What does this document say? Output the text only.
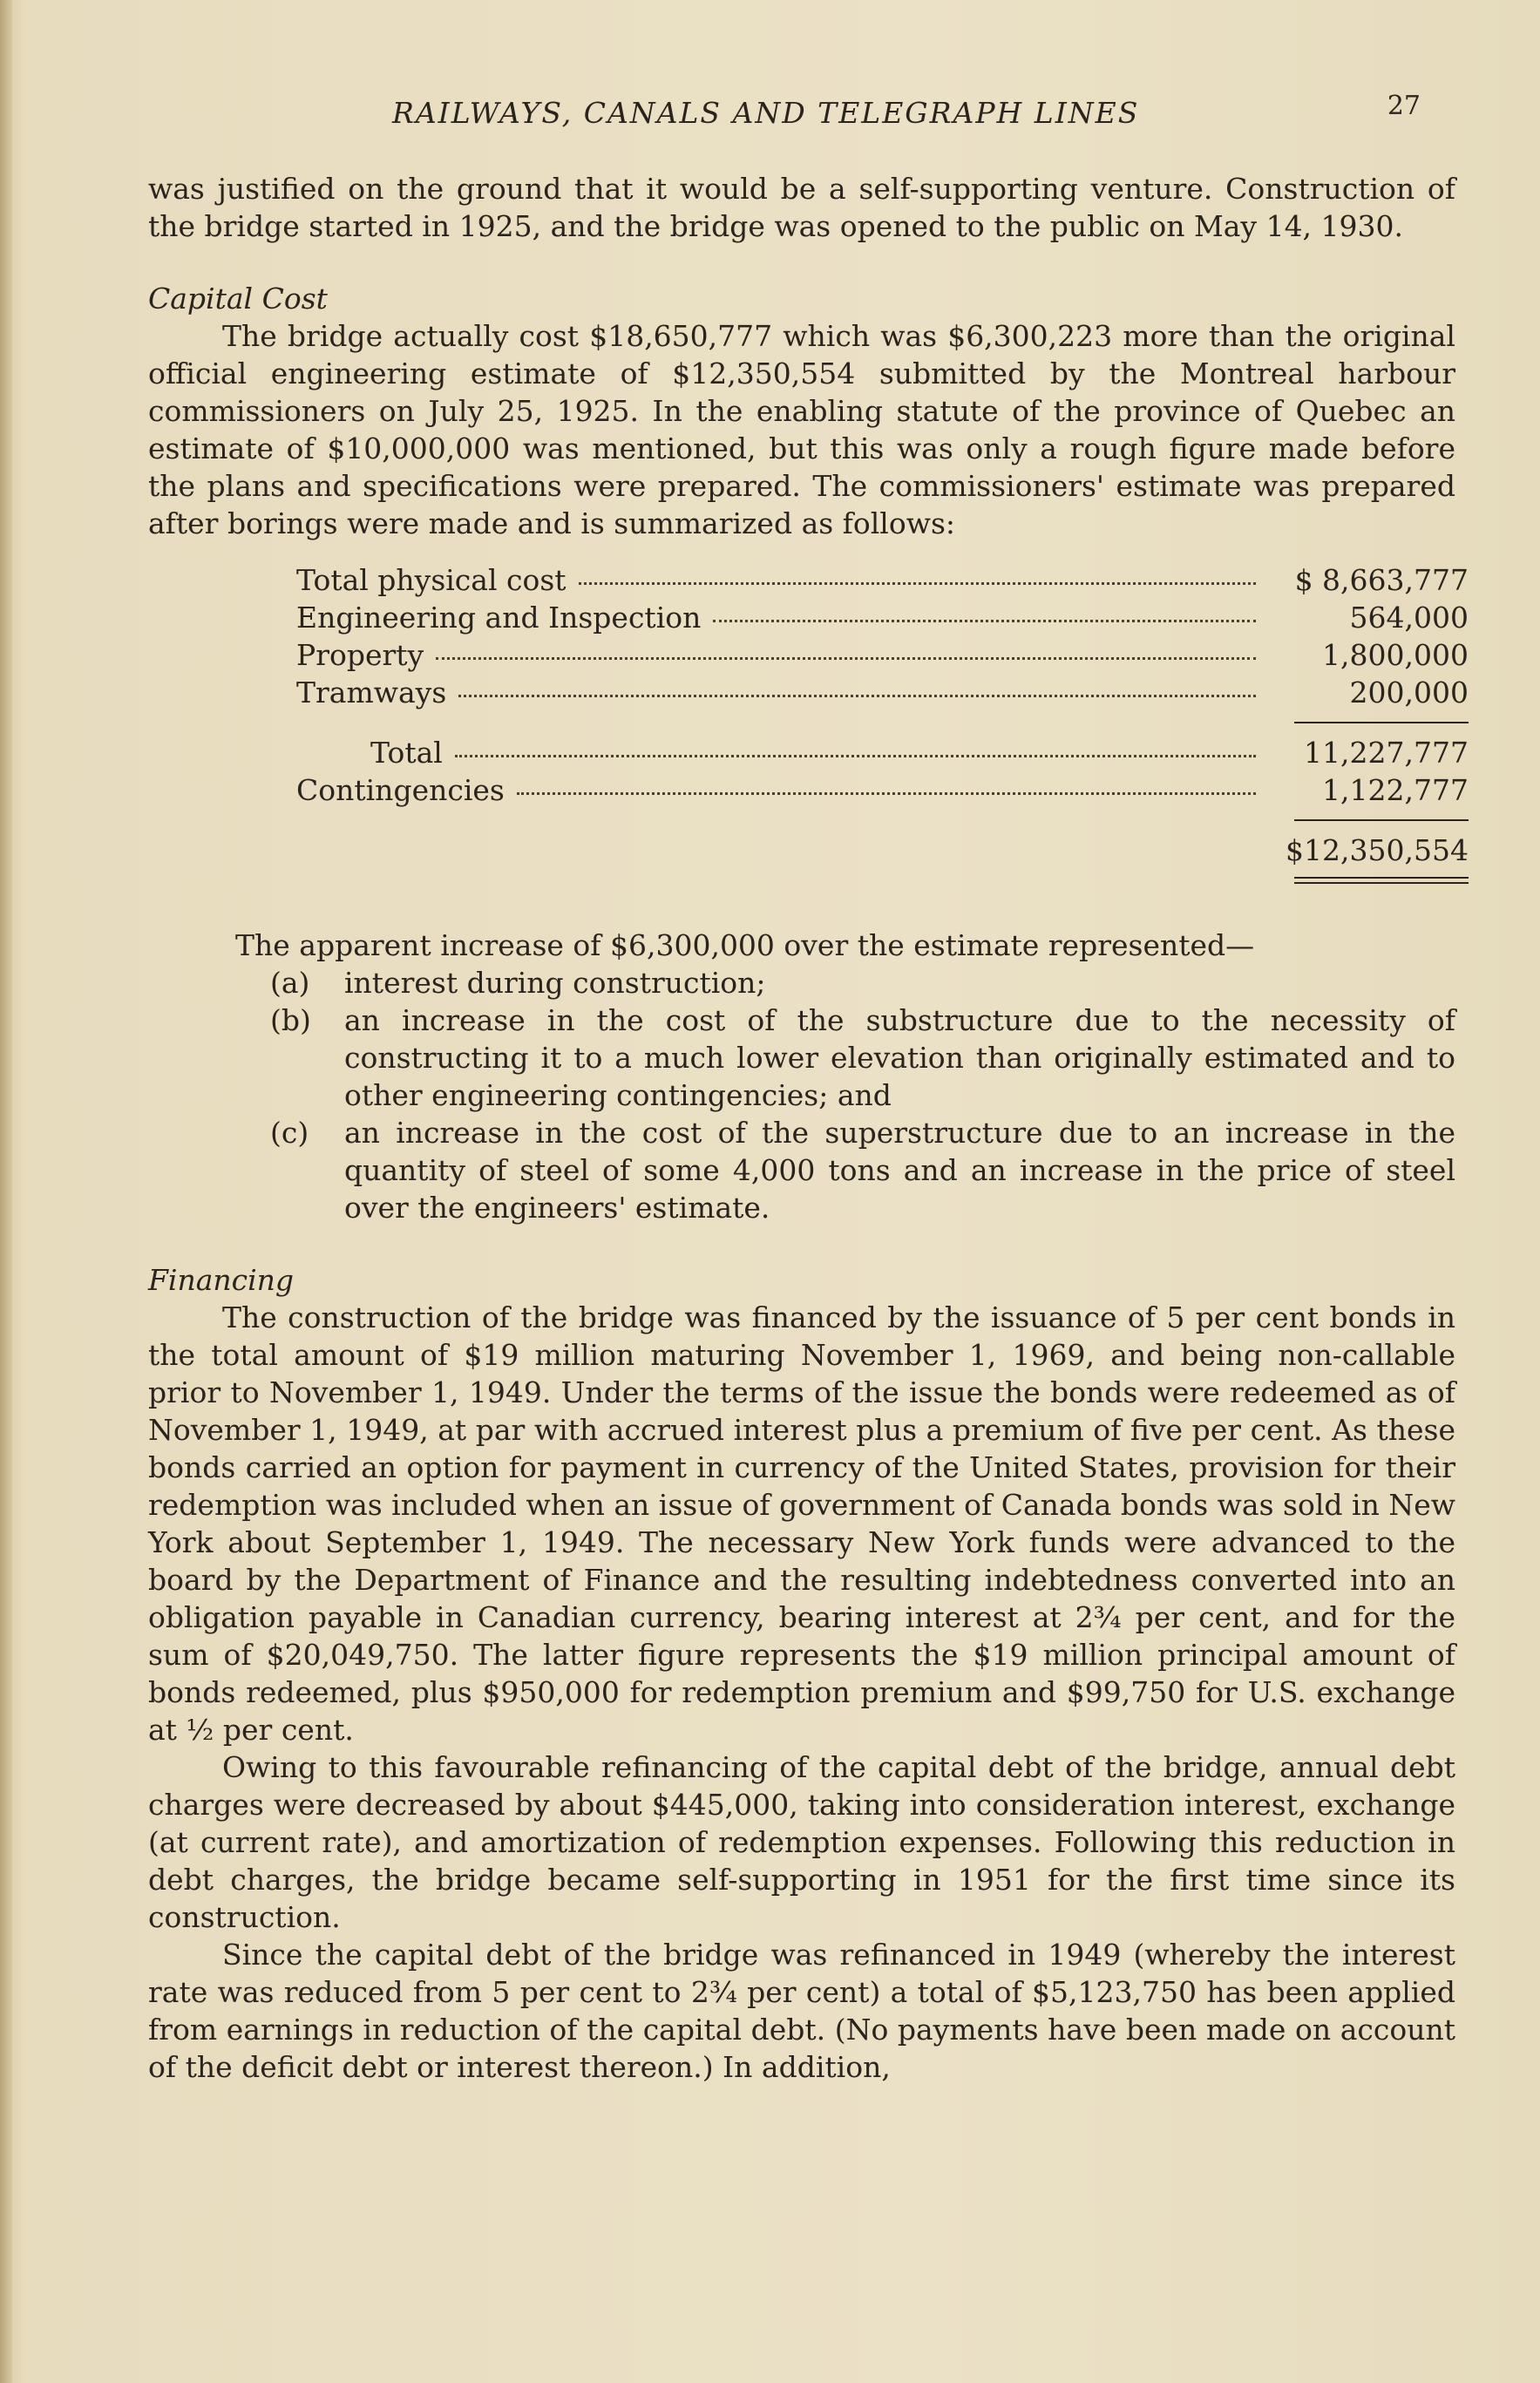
RAILWAYS, CANALS AND TELEGRAPH LINES	27

was justified on the ground that it would be a self-supporting venture. Construction of the bridge started in 1925, and the bridge was opened to the public on May 14, 1930.

Capital Cost

The bridge actually cost $18,650,777 which was $6,300,223 more than the original official engineering estimate of $12,350,554 submitted by the Montreal harbour commissioners on July 25, 1925. In the enabling statute of the province of Quebec an estimate of $10,000,000 was mentioned, but this was only a rough figure made before the plans and specifications were prepared. The commissioners' estimate was prepared after borings were made and is summarized as follows:

Total physical cost	$ 8,663,777
Engineering and Inspection	564,000
Property	1,800,000
Tramways	200,000
Total	11,227,777
Contingencies	1,122,777
$12,350,554

The apparent increase of $6,300,000 over the estimate represented—

(a)	interest during construction;
(b)	an increase in the cost of the substructure due to the necessity of constructing it to a much lower elevation than originally estimated and to other engineering contingencies; and
(c)	an increase in the cost of the superstructure due to an increase in the quantity of steel of some 4,000 tons and an increase in the price of steel over the engineers' estimate.

Financing

The construction of the bridge was financed by the issuance of 5 per cent bonds in the total amount of $19 million maturing November 1, 1969, and being non-callable prior to November 1, 1949. Under the terms of the issue the bonds were redeemed as of November 1, 1949, at par with accrued interest plus a premium of five per cent. As these bonds carried an option for payment in currency of the United States, provision for their redemption was included when an issue of government of Canada bonds was sold in New York about September 1, 1949. The necessary New York funds were advanced to the board by the Department of Finance and the resulting indebtedness converted into an obligation payable in Canadian currency, bearing interest at 2¾ per cent, and for the sum of $20,049,750. The latter figure represents the $19 million principal amount of bonds redeemed, plus $950,000 for redemption premium and $99,750 for U.S. exchange at ½ per cent.

Owing to this favourable refinancing of the capital debt of the bridge, annual debt charges were decreased by about $445,000, taking into consideration interest, exchange (at current rate), and amortization of redemption expenses. Following this reduction in debt charges, the bridge became self-supporting in 1951 for the first time since its construction.

Since the capital debt of the bridge was refinanced in 1949 (whereby the interest rate was reduced from 5 per cent to 2¾ per cent) a total of $5,123,750 has been applied from earnings in reduction of the capital debt. (No payments have been made on account of the deficit debt or interest thereon.) In addition,
